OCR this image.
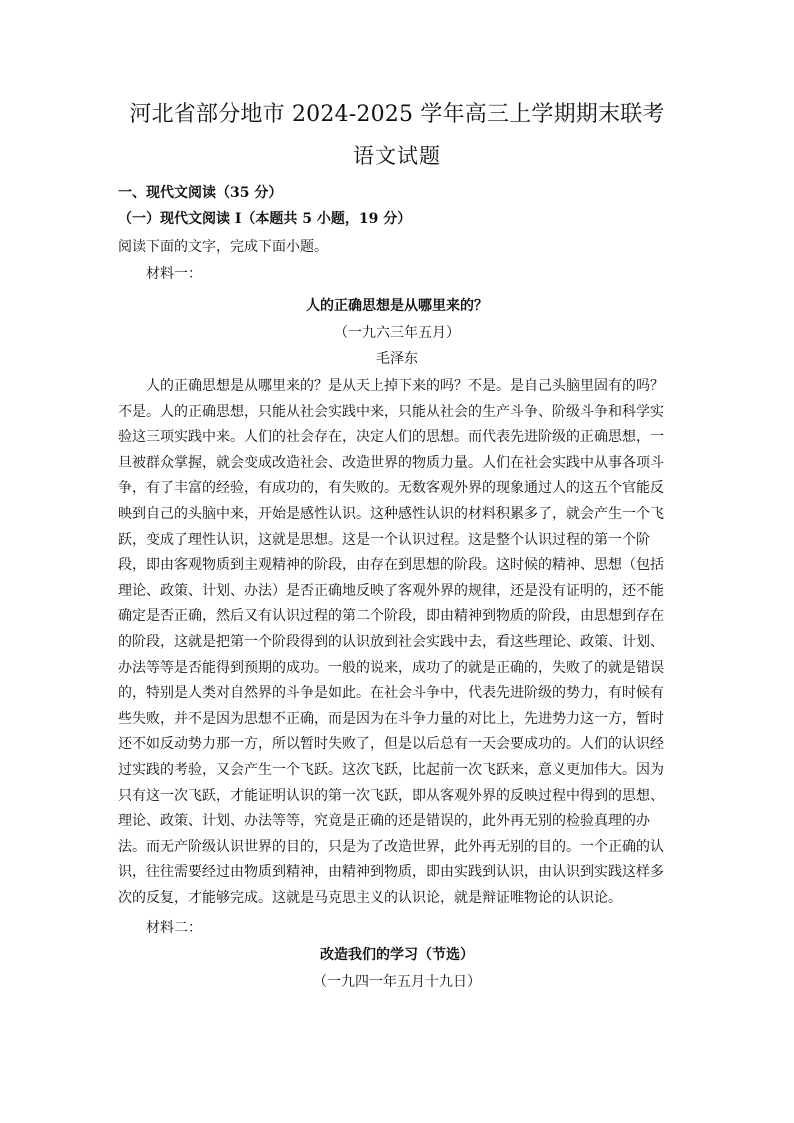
河北省部分地市 2024-2025 学年高三上学期期末联考
语文试题
一、现代文阅读（35 分）
（一）现代文阅读 I（本题共 5 小题，19 分）
阅读下面的文字，完成下面小题。
材料一：
人的正确思想是从哪里来的？
（一九六三年五月）
毛泽东
人的正确思想是从哪里来的？是从天上掉下来的吗？不是。是自己头脑里固有的吗？
不是。人的正确思想，只能从社会实践中来，只能从社会的生产斗争、阶级斗争和科学实
验这三项实践中来。人们的社会存在，决定人们的思想。而代表先进阶级的正确思想，一
旦被群众掌握，就会变成改造社会、改造世界的物质力量。人们在社会实践中从事各项斗
争，有了丰富的经验，有成功的，有失败的。无数客观外界的现象通过人的这五个官能反
映到自己的头脑中来，开始是感性认识。这种感性认识的材料积累多了，就会产生一个飞
跃，变成了理性认识，这就是思想。这是一个认识过程。这是整个认识过程的第一个阶
段，即由客观物质到主观精神的阶段，由存在到思想的阶段。这时候的精神、思想（包括
理论、政策、计划、办法）是否正确地反映了客观外界的规律，还是没有证明的，还不能
确定是否正确，然后又有认识过程的第二个阶段，即由精神到物质的阶段，由思想到存在
的阶段，这就是把第一个阶段得到的认识放到社会实践中去，看这些理论、政策、计划、
办法等等是否能得到预期的成功。一般的说来，成功了的就是正确的，失败了的就是错误
的，特别是人类对自然界的斗争是如此。在社会斗争中，代表先进阶级的势力，有时候有
些失败，并不是因为思想不正确，而是因为在斗争力量的对比上，先进势力这一方，暂时
还不如反动势力那一方，所以暂时失败了，但是以后总有一天会要成功的。人们的认识经
过实践的考验，又会产生一个飞跃。这次飞跃，比起前一次飞跃来，意义更加伟大。因为
只有这一次飞跃，才能证明认识的第一次飞跃，即从客观外界的反映过程中得到的思想、
理论、政策、计划、办法等等，究竟是正确的还是错误的，此外再无别的检验真理的办
法。而无产阶级认识世界的目的，只是为了改造世界，此外再无别的目的。一个正确的认
识，往往需要经过由物质到精神，由精神到物质，即由实践到认识，由认识到实践这样多
次的反复，才能够完成。这就是马克思主义的认识论，就是辩证唯物论的认识论。
材料二：
改造我们的学习（节选）
（一九四一年五月十九日）
